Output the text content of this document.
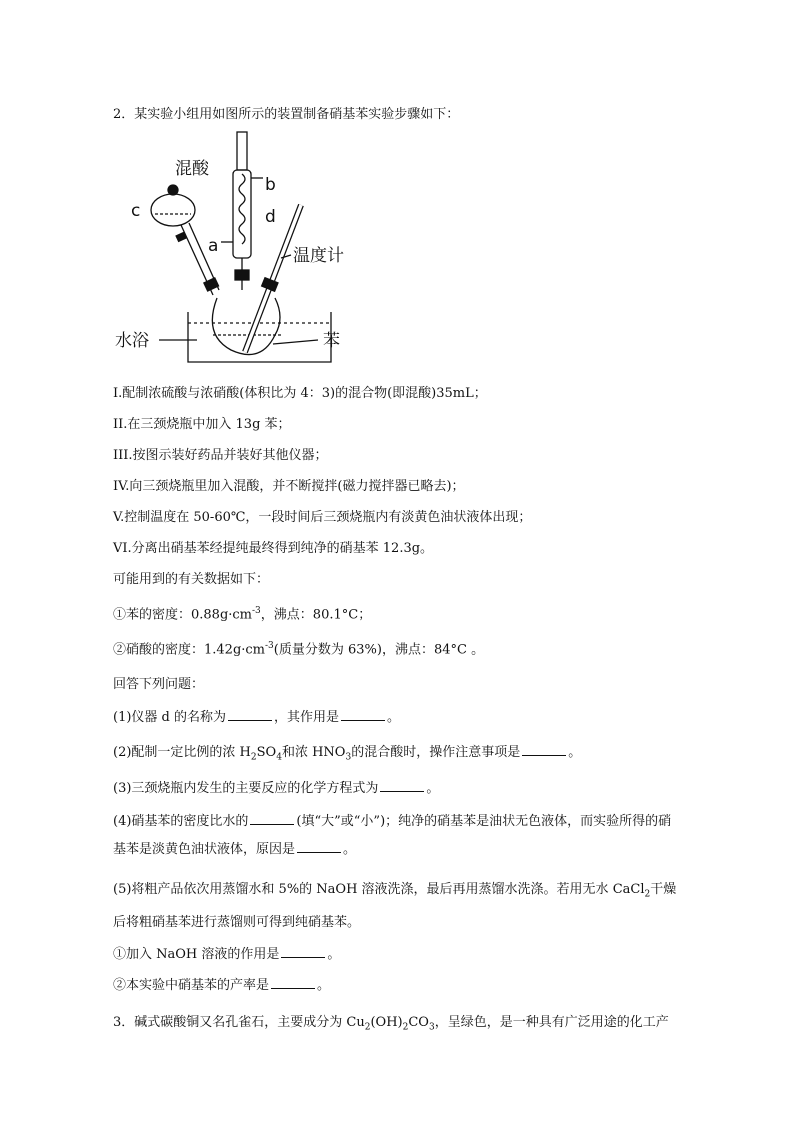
2．某实验小组用如图所示的装置制备硝基苯实验步骤如下：
混酸
c
b
d
a	温度计
水浴	苯
I.配制浓硫酸与浓硝酸(体积比为 4：3)的混合物(即混酸)35mL；
II.在三颈烧瓶中加入 13g 苯；
III.按图示装好药品并装好其他仪器；
IV.向三颈烧瓶里加入混酸，并不断搅拌(磁力搅拌器已略去)；
V.控制温度在 50-60℃，一段时间后三颈烧瓶内有淡黄色油状液体出现；
VI.分离出硝基苯经提纯最终得到纯净的硝基苯 12.3g。
可能用到的有关数据如下：
①苯的密度：$0.88g\cdot cm^{-3}$，沸点：80.1°C；
②硝酸的密度：$1.42g\cdot cm^{-3}$(质量分数为 63%)，沸点：84°C 。
回答下列问题：
(1)仪器 d 的名称为	，其作用是	。
(2)配制一定比例的浓 $H_2SO_4$和浓 $HNO_3$的混合酸时，操作注意事项是	。
(3)三颈烧瓶内发生的主要反应的化学方程式为	。
(4)硝基苯的密度比水的	(填“大”或“小”)；纯净的硝基苯是油状无色液体，而实验所得的硝基苯是淡黄色油状液体，原因是	。
(5)将粗产品依次用蒸馏水和 5%的 NaOH 溶液洗涤，最后再用蒸馏水洗涤。若用无水 CaCl$_2$干燥后将粗硝基苯进行蒸馏则可得到纯硝基苯。
①加入 NaOH 溶液的作用是	。
②本实验中硝基苯的产率是	。
3．碱式碳酸铜又名孔雀石，主要成分为 $Cu_2(OH)_2CO_3$，呈绿色，是一种具有广泛用途的化工产
